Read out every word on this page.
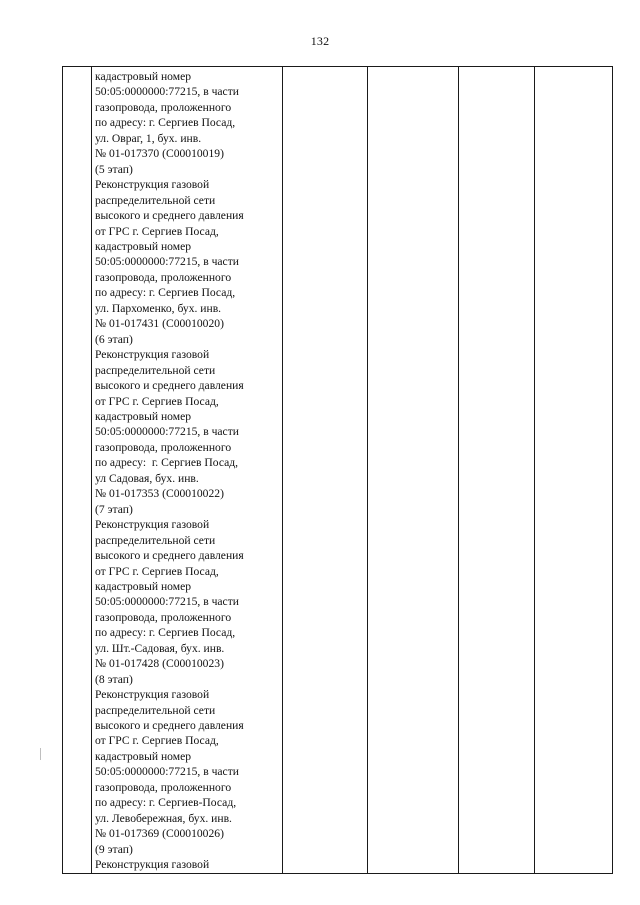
132

кадастровый номер
50:05:0000000:77215, в части
газопровода, проложенного
по адресу: г. Сергиев Посад,
ул. Овраг, 1, бух. инв.
№ 01-017370 (С00010019)
(5 этап)
Реконструкция газовой
распределительной сети
высокого и среднего давления
от ГРС г. Сергиев Посад,
кадастровый номер
50:05:0000000:77215, в части
газопровода, проложенного
по адресу: г. Сергиев Посад,
ул. Пархоменко, бух. инв.
№ 01-017431 (С00010020)
(6 этап)
Реконструкция газовой
распределительной сети
высокого и среднего давления
от ГРС г. Сергиев Посад,
кадастровый номер
50:05:0000000:77215, в части
газопровода, проложенного
по адресу:  г. Сергиев Посад,
ул Садовая, бух. инв.
№ 01-017353 (С00010022)
(7 этап)
Реконструкция газовой
распределительной сети
высокого и среднего давления
от ГРС г. Сергиев Посад,
кадастровый номер
50:05:0000000:77215, в части
газопровода, проложенного
по адресу: г. Сергиев Посад,
ул. Шт.-Садовая, бух. инв.
№ 01-017428 (С00010023)
(8 этап)
Реконструкция газовой
распределительной сети
высокого и среднего давления
от ГРС г. Сергиев Посад,
кадастровый номер
50:05:0000000:77215, в части
газопровода, проложенного
по адресу: г. Сергиев-Посад,
ул. Левобережная, бух. инв.
№ 01-017369 (С00010026)
(9 этап)
Реконструкция газовой
